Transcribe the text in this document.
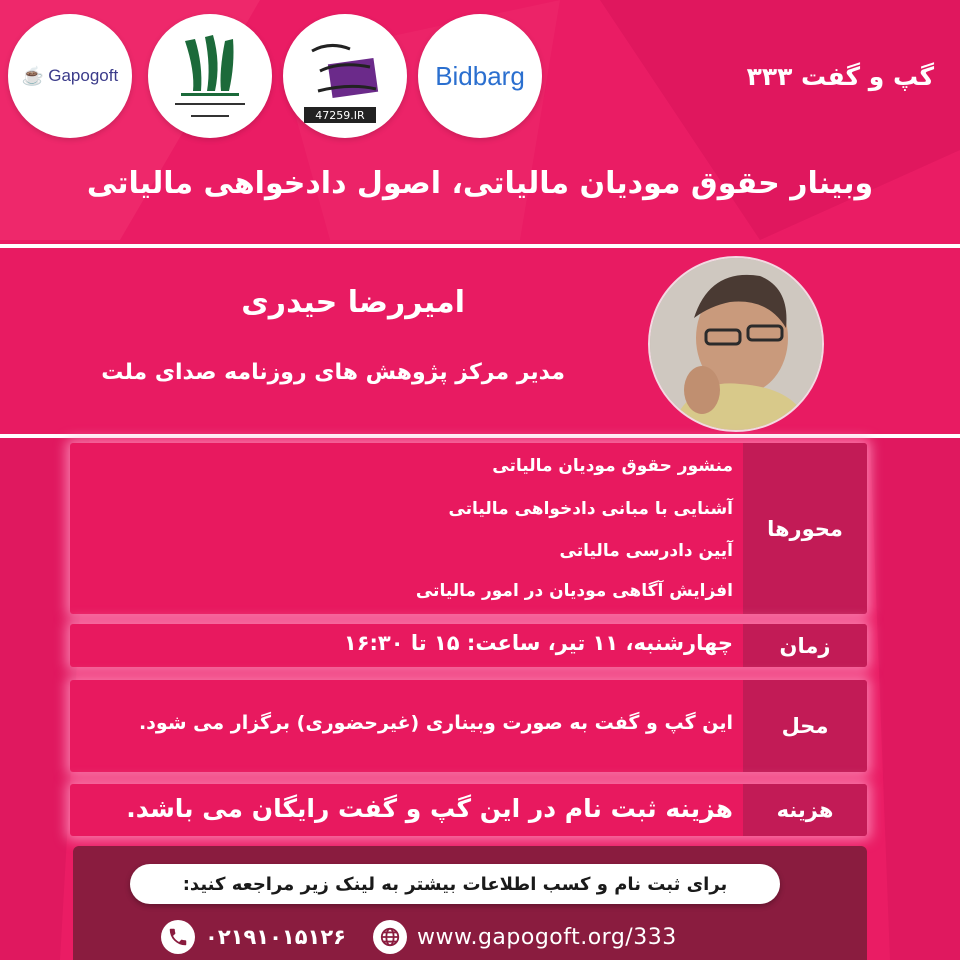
☕ Gapogoft
47259.IR
Bidbarg	گپ و گفت ۳۳۳
وبینار حقوق مودیان مالیاتی، اصول دادخواهی مالیاتی
امیررضا حیدری
مدیر مرکز پژوهش های روزنامه صدای ملت
محورها
منشور حقوق مودیان مالیاتی
آشنایی با مبانی دادخواهی مالیاتی
آیین دادرسی مالیاتی
افزایش آگاهی مودیان در امور مالیاتی
زمان
چهارشنبه، ۱۱ تیر، ساعت: ۱۵ تا ۱۶:۳۰
محل
این گپ و گفت به صورت وبیناری (غیرحضوری) برگزار می شود.
هزینه
هزینه ثبت نام در این گپ و گفت رایگان می باشد.
برای ثبت نام و کسب اطلاعات بیشتر به لینک زیر مراجعه کنید:
۰۲۱۹۱۰۱۵۱۲۶	www.gapogoft.org/333
